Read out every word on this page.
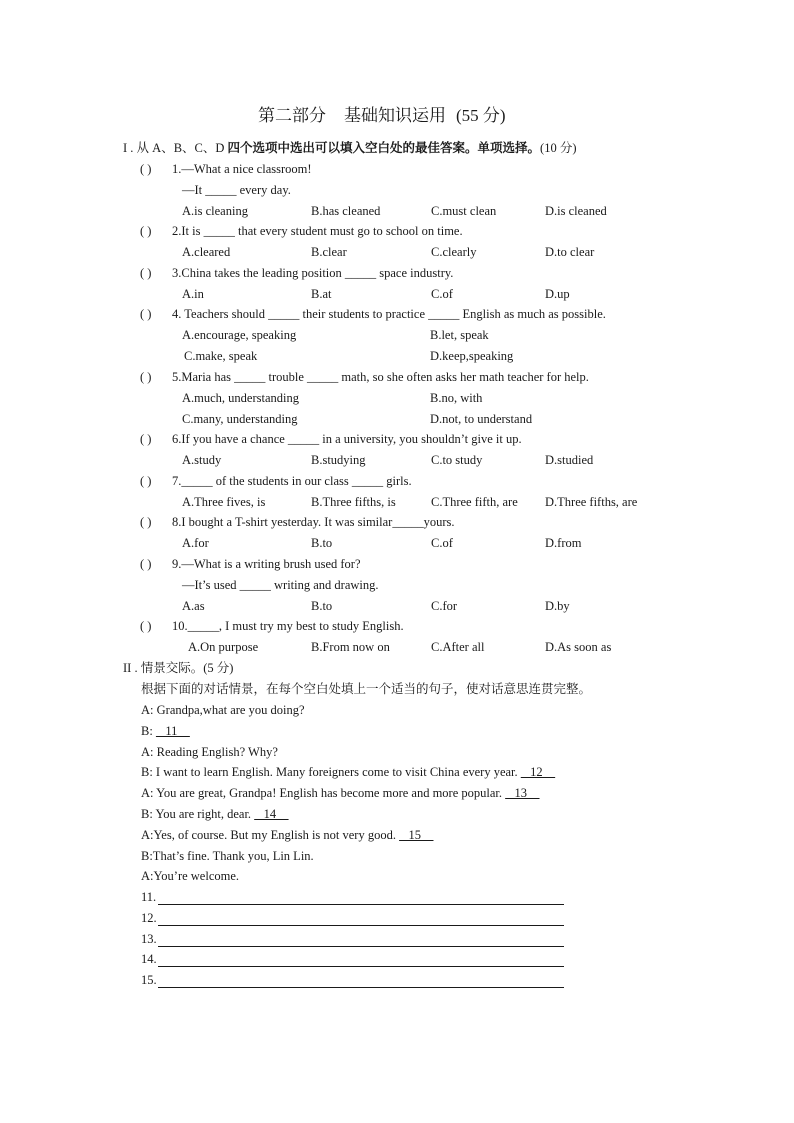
第二部分 基础知识运用 (55 分)
I . 从 A、B、C、D 四个选项中选出可以填入空白处的最佳答案。单项选择。(10 分)
( ) 1.—What a nice classroom!
—It _____ every day.
A.is cleaning	B.has cleaned	C.must clean	D.is cleaned
( ) 2.It is _____ that every student must go to school on time.
A.cleared	B.clear	C.clearly	D.to clear
( ) 3.China takes the leading position _____ space industry.
A.in	B.at	C.of	D.up
( ) 4. Teachers should _____ their students to practice _____ English as much as possible.
A.encourage, speaking	B.let, speak
C.make, speak	D.keep,speaking
( ) 5.Maria has _____ trouble _____ math, so she often asks her math teacher for help.
A.much, understanding	B.no, with
C.many, understanding	D.not, to understand
( ) 6.If you have a chance _____ in a university, you shouldn’t give it up.
A.study	B.studying	C.to study	D.studied
( ) 7._____ of the students in our class _____ girls.
A.Three fives, is	B.Three fifths, is	C.Three fifth, are D.Three fifths, are
( ) 8.I bought a T-shirt yesterday. It was similar_____yours.
A.for	B.to	C.of	D.from
( ) 9.—What is a writing brush used for?
—It’s used _____ writing and drawing.
A.as	B.to	C.for	D.by
( ) 10._____, I must try my best to study English.
A.On purpose	B.From now on	C.After all	D.As soon as
II . 情景交际。(5 分)
根据下面的对话情景，在每个空白处填上一个适当的句子，使对话意思连贯完整。
A: Grandpa,what are you doing?
B:    11
A: Reading English? Why?
B: I want to learn English. Many foreigners come to visit China every year.    12
A: You are great, Grandpa! English has become more and more popular.    13
B: You are right, dear.    14
A:Yes, of course. But my English is not very good.    15
B:That’s fine. Thank you, Lin Lin.
A:You’re welcome.
11.
12.
13.
14.
15.
